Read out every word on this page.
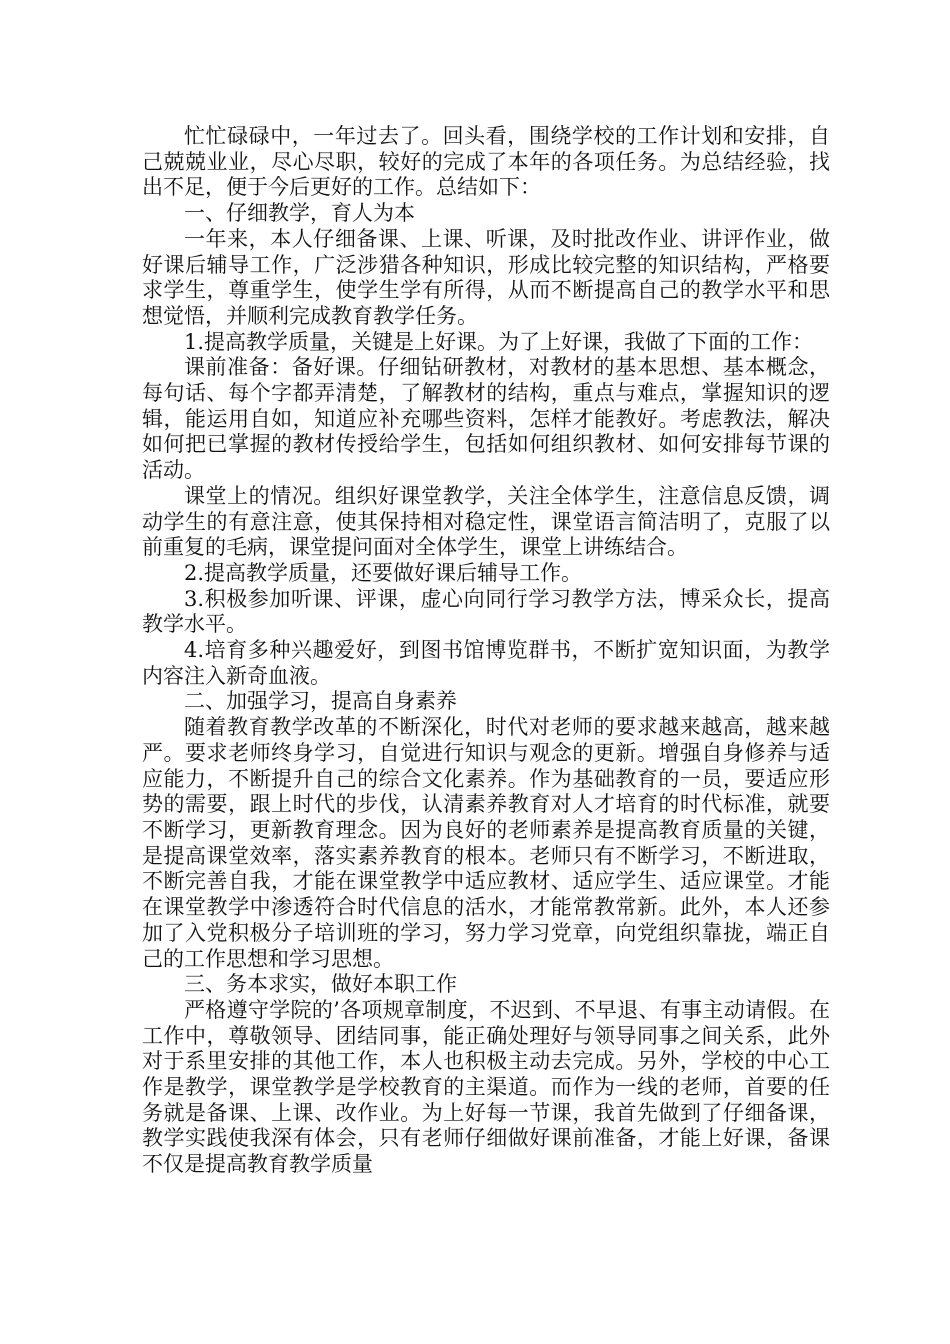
忙忙碌碌中，一年过去了。回头看，围绕学校的工作计划和安排，自己兢兢业业，尽心尽职，较好的完成了本年的各项任务。为总结经验，找出不足，便于今后更好的工作。总结如下：

一、仔细教学，育人为本

一年来，本人仔细备课、上课、听课，及时批改作业、讲评作业，做好课后辅导工作，广泛涉猎各种知识，形成比较完整的知识结构，严格要求学生，尊重学生，使学生学有所得，从而不断提高自己的教学水平和思想觉悟，并顺利完成教育教学任务。

1.提高教学质量，关键是上好课。为了上好课，我做了下面的工作：

课前准备：备好课。仔细钻研教材，对教材的基本思想、基本概念，每句话、每个字都弄清楚，了解教材的结构，重点与难点，掌握知识的逻辑，能运用自如，知道应补充哪些资料，怎样才能教好。考虑教法，解决如何把已掌握的教材传授给学生，包括如何组织教材、如何安排每节课的活动。

课堂上的情况。组织好课堂教学，关注全体学生，注意信息反馈，调动学生的有意注意，使其保持相对稳定性，课堂语言简洁明了，克服了以前重复的毛病，课堂提问面对全体学生，课堂上讲练结合。

2.提高教学质量，还要做好课后辅导工作。

3.积极参加听课、评课，虚心向同行学习教学方法，博采众长，提高教学水平。

4.培育多种兴趣爱好，到图书馆博览群书，不断扩宽知识面，为教学内容注入新奇血液。

二、加强学习，提高自身素养

随着教育教学改革的不断深化，时代对老师的要求越来越高，越来越严。要求老师终身学习，自觉进行知识与观念的更新。增强自身修养与适应能力，不断提升自己的综合文化素养。作为基础教育的一员，要适应形势的需要，跟上时代的步伐，认清素养教育对人才培育的时代标准，就要不断学习，更新教育理念。因为良好的老师素养是提高教育质量的关键，是提高课堂效率，落实素养教育的根本。老师只有不断学习，不断进取，不断完善自我，才能在课堂教学中适应教材、适应学生、适应课堂。才能在课堂教学中渗透符合时代信息的活水，才能常教常新。此外，本人还参加了入党积极分子培训班的学习，努力学习党章，向党组织靠拢，端正自己的工作思想和学习思想。

三、务本求实，做好本职工作

严格遵守学院的’各项规章制度，不迟到、不早退、有事主动请假。在工作中，尊敬领导、团结同事，能正确处理好与领导同事之间关系，此外对于系里安排的其他工作，本人也积极主动去完成。另外，学校的中心工作是教学，课堂教学是学校教育的主渠道。而作为一线的老师，首要的任务就是备课、上课、改作业。为上好每一节课，我首先做到了仔细备课，教学实践使我深有体会，只有老师仔细做好课前准备，才能上好课，备课不仅是提高教育教学质量
